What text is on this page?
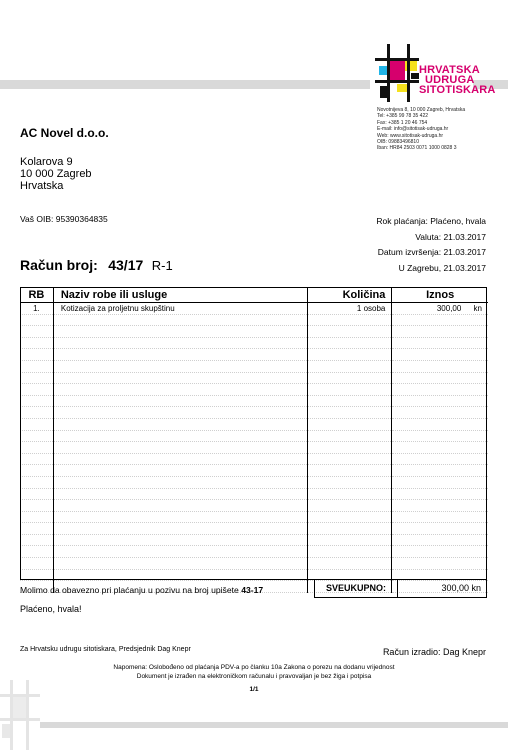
HRVATSKA
UDRUGA
SITOTISKARA
Novotnijeva 8, 10 000 Zagreb, Hrvatska
Tel: +385 99 78 35 422
Fax: +385 1 20 46 754
E-mail: info@sitotisak-udruga.hr
Web: www.sitotisak-udruga.hr
OIB: 09883496810
Iban: HR84 2503 0071 1000 0828 3
AC Novel d.o.o.
Kolarova 9
10 000 Zagreb
Hrvatska
Vaš OIB: 95390364835	Rok plaćanja: Plaćeno, hvala
Valuta: 21.03.2017
Datum izvršenja: 21.03.2017
U Zagrebu, 21.03.2017
Račun broj: 43/17 R-1
RB	Naziv robe ili usluge	Količina	Iznos
1.	Kotizacija za proljetnu skupštinu	1 osoba	300,00 kn

Molimo da obavezno pri plaćanju u pozivu na broj upišete 43-17	SVEUKUPNO:	300,00 kn
Plaćeno, hvala!
Za Hrvatsku udrugu sitotiskara, Predsjednik Dag Knepr	Račun izradio: Dag Knepr
Napomena: Oslobođeno od plaćanja PDV-a po članku 10a Zakona o porezu na dodanu vrijednost
Dokument je izrađen na elektroničkom računalu i pravovaljan je bez žiga i potpisa
1/1
